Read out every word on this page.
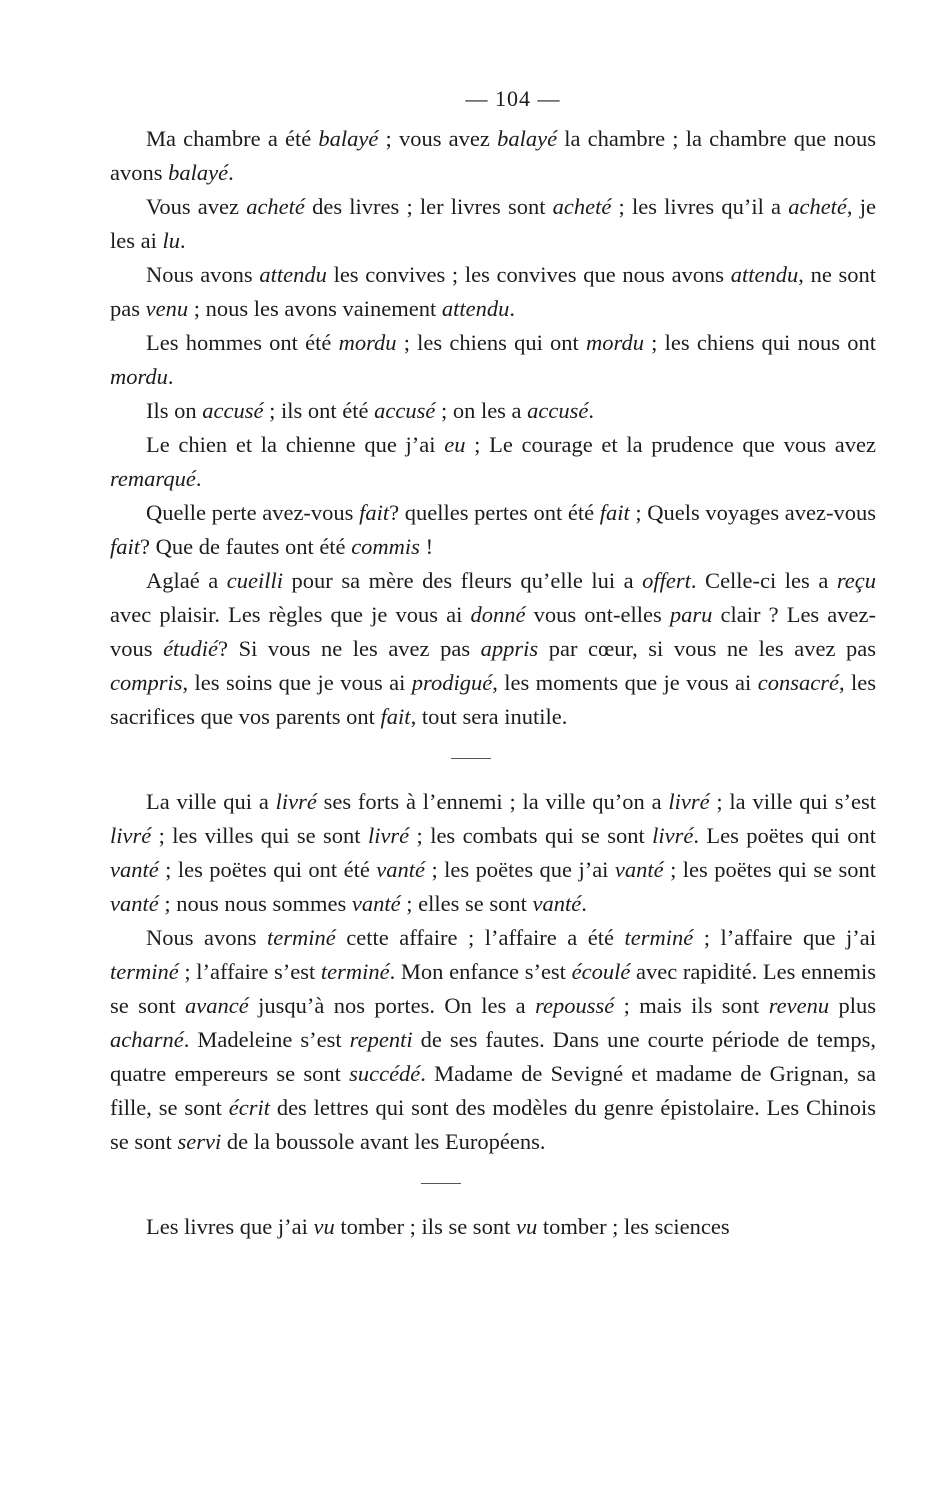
— 104 —

Ma chambre a été balayé ; vous avez balayé la chambre ; la chambre que nous avons balayé.

Vous avez acheté des livres ; ler livres sont acheté ; les livres qu’il a acheté, je les ai lu.

Nous avons attendu les convives ; les convives que nous avons attendu, ne sont pas venu ; nous les avons vainement attendu.

Les hommes ont été mordu ; les chiens qui ont mordu ; les chiens qui nous ont mordu.

Ils on accusé ; ils ont été accusé ; on les a accusé.

Le chien et la chienne que j’ai eu ; Le courage et la prudence que vous avez remarqué.

Quelle perte avez-vous fait? quelles pertes ont été fait ; Quels voyages avez-vous fait? Que de fautes ont été commis !

Aglaé a cueilli pour sa mère des fleurs qu’elle lui a offert. Celle-ci les a reçu avec plaisir. Les règles que je vous ai donné vous ont-elles paru clair ? Les avez-vous étudié? Si vous ne les avez pas appris par cœur, si vous ne les avez pas compris, les soins que je vous ai prodigué, les moments que je vous ai consacré, les sacrifices que vos parents ont fait, tout sera inutile.

La ville qui a livré ses forts à l’ennemi ; la ville qu’on a livré ; la ville qui s’est livré ; les villes qui se sont livré ; les combats qui se sont livré. Les poëtes qui ont vanté ; les poëtes qui ont été vanté ; les poëtes que j’ai vanté ; les poëtes qui se sont vanté ; nous nous sommes vanté ; elles se sont vanté.

Nous avons terminé cette affaire ; l’affaire a été terminé ; l’affaire que j’ai terminé ; l’affaire s’est terminé. Mon enfance s’est écoulé avec rapidité. Les ennemis se sont avancé jusqu’à nos portes. On les a repoussé ; mais ils sont revenu plus acharné. Madeleine s’est repenti de ses fautes. Dans une courte période de temps, quatre empereurs se sont succédé. Madame de Sevigné et madame de Grignan, sa fille, se sont écrit des lettres qui sont des modèles du genre épistolaire. Les Chinois se sont servi de la boussole avant les Européens.

Les livres que j’ai vu tomber ; ils se sont vu tomber ; les sciences
